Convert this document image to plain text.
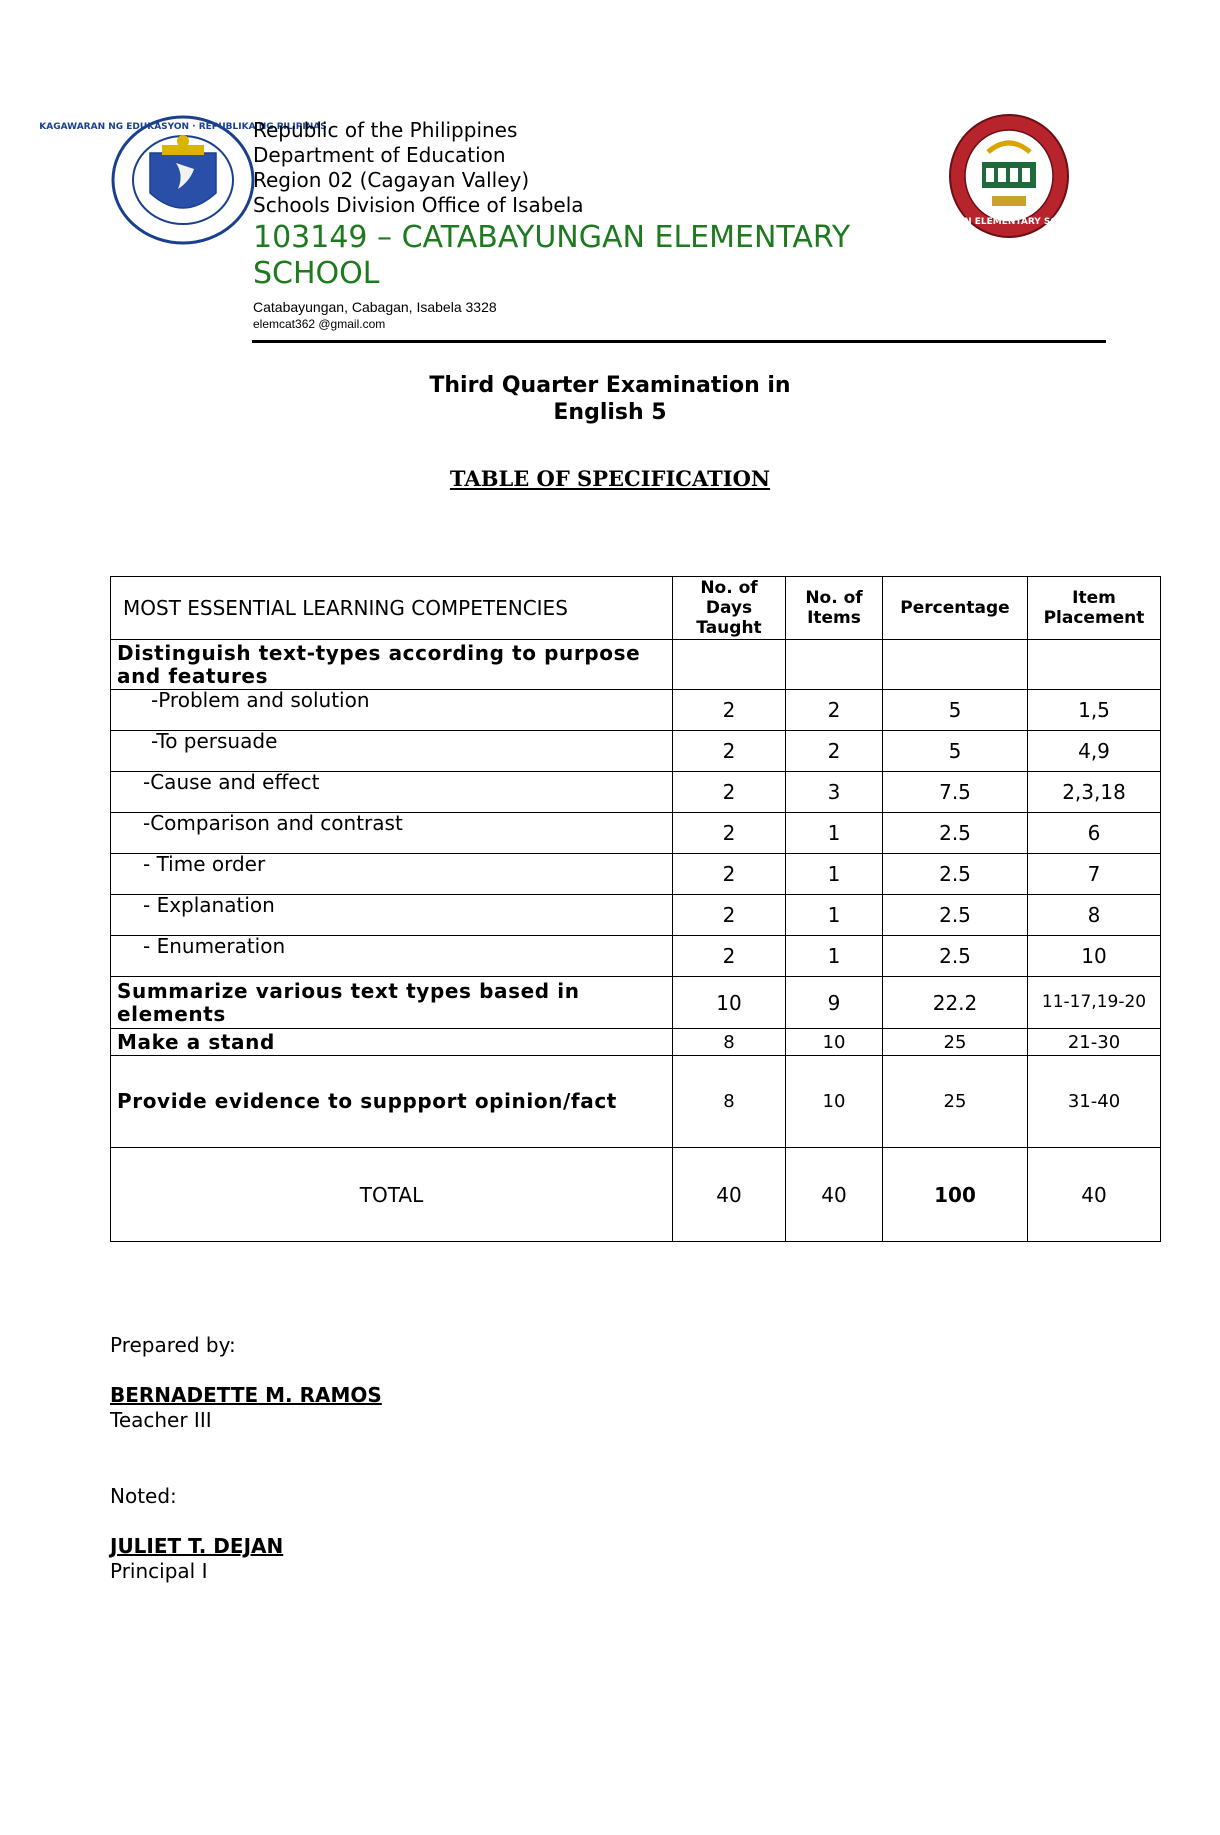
KAGAWARAN NG EDUKASYON · REPUBLIKA NG PILIPINAS
Republic of the Philippines
Department of Education
Region 02 (Cagayan Valley)
Schools Division Office of Isabela
103149 – CATABAYUNGAN ELEMENTARY SCHOOL
Catabayungan, Cabagan, Isabela 3328
elemcat362 @gmail.com
CATABAYUNGAN ELEMENTARY SCHOOL · DepEd
Third Quarter Examination in
English 5
TABLE OF SPECIFICATION
MOST ESSENTIAL LEARNING COMPETENCIES	No. of Days Taught	No. of Items	Percentage	Item Placement
Distinguish text-types according to purpose and features				
-Problem and solution	2	2	5	1,5
-To persuade	2	2	5	4,9
-Cause and effect	2	3	7.5	2,3,18
-Comparison and contrast	2	1	2.5	6
- Time order	2	1	2.5	7
- Explanation	2	1	2.5	8
- Enumeration	2	1	2.5	10
Summarize various text types based in elements	10	9	22.2	11-17,19-20
Make a stand	8	10	25	21-30
Provide evidence to suppport opinion/fact	8	10	25	31-40
TOTAL	40	40	100	40
Prepared by:
BERNADETTE M. RAMOS
Teacher III
Noted:
JULIET T. DEJAN
Principal I
